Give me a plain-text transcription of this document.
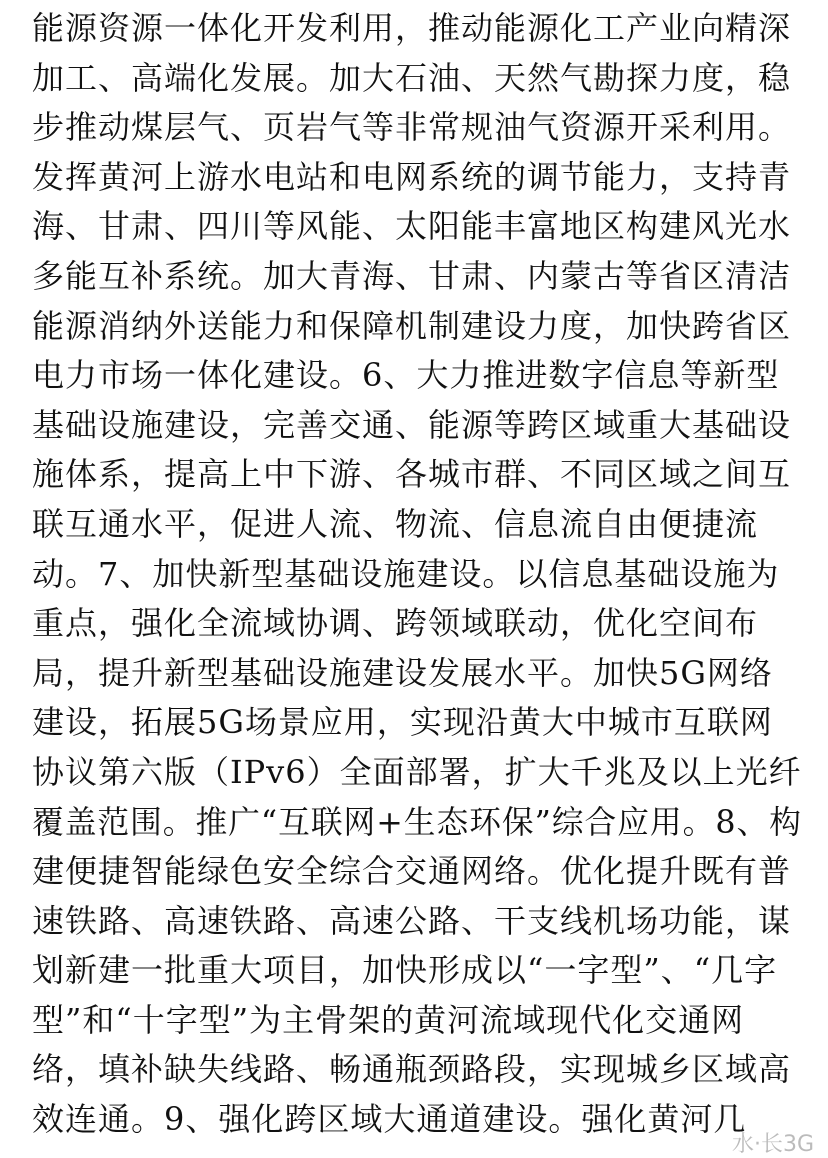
能源资源一体化开发利用，推动能源化工产业向精深
加工、高端化发展。加大石油、天然气勘探力度，稳
步推动煤层气、页岩气等非常规油气资源开采利用。
发挥黄河上游水电站和电网系统的调节能力，支持青
海、甘肃、四川等风能、太阳能丰富地区构建风光水
多能互补系统。加大青海、甘肃、内蒙古等省区清洁
能源消纳外送能力和保障机制建设力度，加快跨省区
电力市场一体化建设。6、大力推进数字信息等新型
基础设施建设，完善交通、能源等跨区域重大基础设
施体系，提高上中下游、各城市群、不同区域之间互
联互通水平，促进人流、物流、信息流自由便捷流
动。7、加快新型基础设施建设。以信息基础设施为
重点，强化全流域协调、跨领域联动，优化空间布
局，提升新型基础设施建设发展水平。加快5G网络
建设，拓展5G场景应用，实现沿黄大中城市互联网
协议第六版（IPv6）全面部署，扩大千兆及以上光纤
覆盖范围。推广“互联网+生态环保”综合应用。8、构
建便捷智能绿色安全综合交通网络。优化提升既有普
速铁路、高速铁路、高速公路、干支线机场功能，谋
划新建一批重大项目，加快形成以“一字型”、“几字
型”和“十字型”为主骨架的黄河流域现代化交通网
络，填补缺失线路、畅通瓶颈路段，实现城乡区域高
效连通。9、强化跨区域大通道建设。强化黄河几
水·长3G
